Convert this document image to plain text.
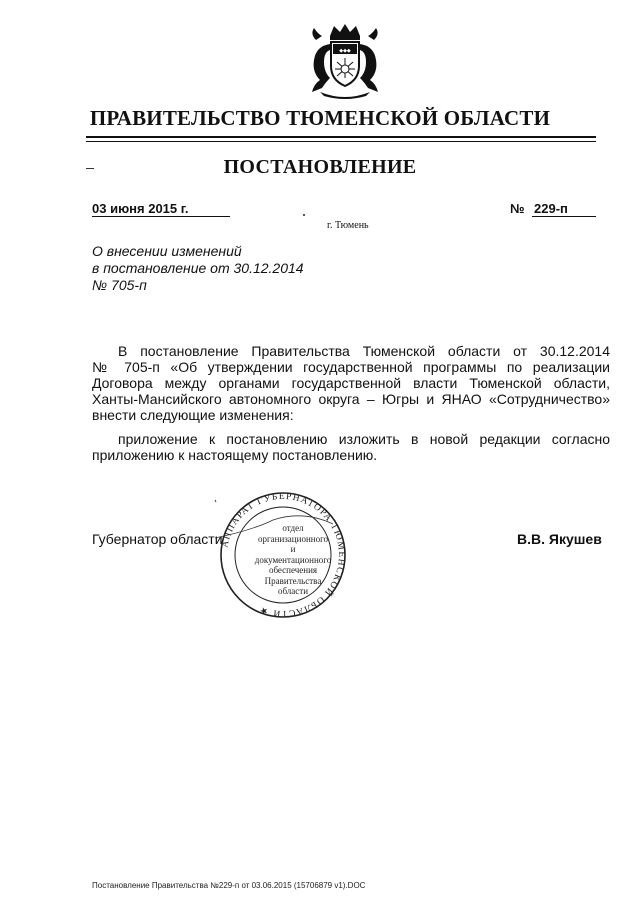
◆◆◆
ПРАВИТЕЛЬСТВО ТЮМЕНСКОЙ ОБЛАСТИ
ПОСТАНОВЛЕНИЕ
03 июня 2015 г.	№ 229-п
г. Тюмень
О внесении изменений
в постановление от 30.12.2014
№ 705-п
В постановление Правительства Тюменской области от 30.12.2014
№ 705-п «Об утверждении государственной программы по реализации
Договора между органами государственной власти Тюменской области,
Ханты-Мансийского автономного округа – Югры и ЯНАО «Сотрудничество»
внести следующие изменения:
приложение к постановлению изложить в новой редакции согласно
приложению к настоящему постановлению.
Губернатор области	В.В. Якушев
АППАРАТ ГУБЕРНАТОРА ТЮМЕНСКОЙ ОБЛАСТИ ★
отдел
организационного
и
документационного
обеспечения
Правительства
области
Постановление Правительства №229-п от 03.06.2015 (15706879 v1).DOC
